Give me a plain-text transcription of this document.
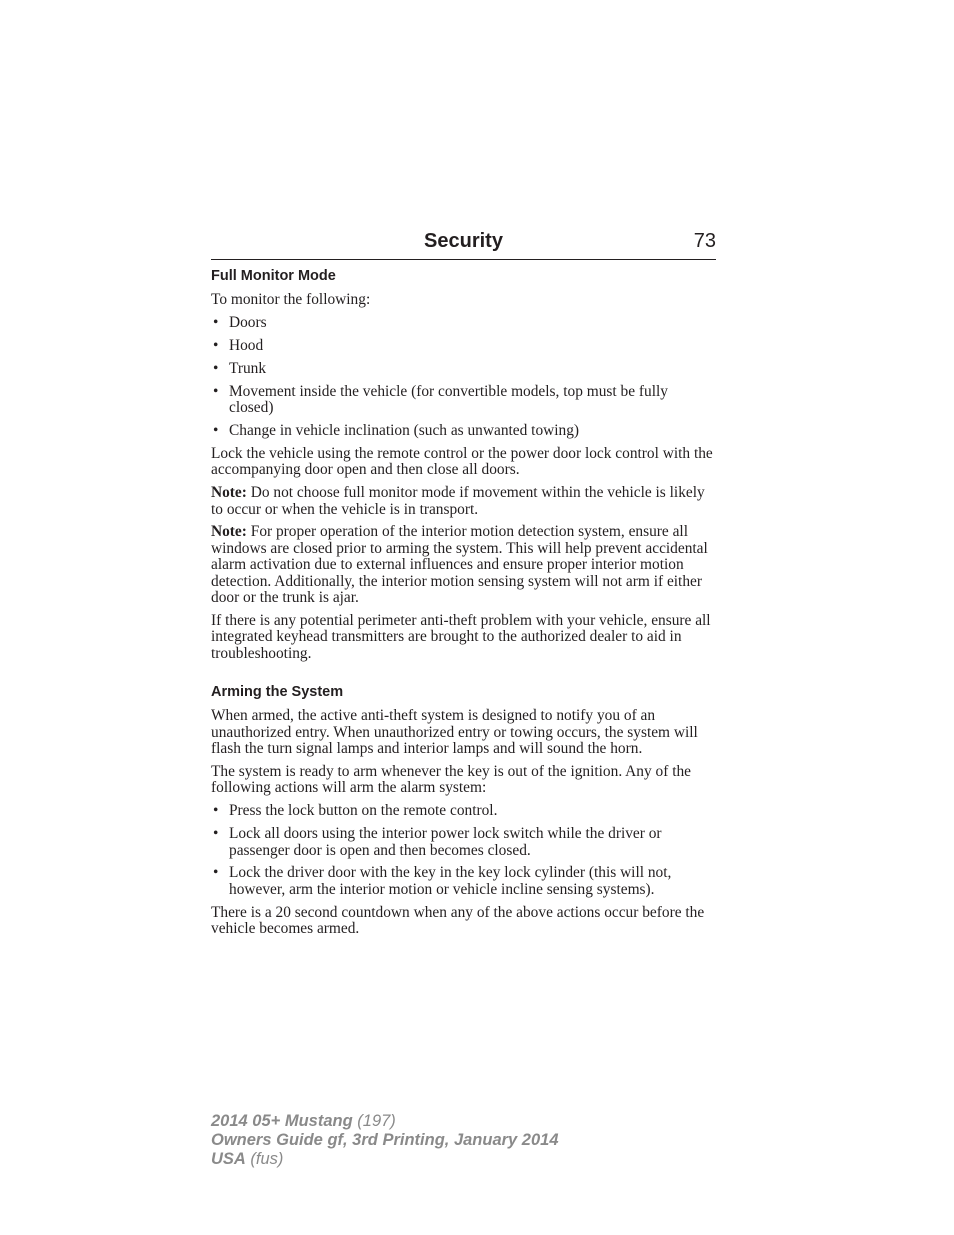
Security	73
Full Monitor Mode

To monitor the following:

• Doors
• Hood
• Trunk
• Movement inside the vehicle (for convertible models, top must be fully closed)
• Change in vehicle inclination (such as unwanted towing)

Lock the vehicle using the remote control or the power door lock control with the accompanying door open and then close all doors.

Note: Do not choose full monitor mode if movement within the vehicle is likely to occur or when the vehicle is in transport.

Note: For proper operation of the interior motion detection system, ensure all windows are closed prior to arming the system. This will help prevent accidental alarm activation due to external influences and ensure proper interior motion detection. Additionally, the interior motion sensing system will not arm if either door or the trunk is ajar.

If there is any potential perimeter anti-theft problem with your vehicle, ensure all integrated keyhead transmitters are brought to the authorized dealer to aid in troubleshooting.

Arming the System

When armed, the active anti-theft system is designed to notify you of an unauthorized entry. When unauthorized entry or towing occurs, the system will flash the turn signal lamps and interior lamps and will sound the horn.

The system is ready to arm whenever the key is out of the ignition. Any of the following actions will arm the alarm system:

• Press the lock button on the remote control.
• Lock all doors using the interior power lock switch while the driver or passenger door is open and then becomes closed.
• Lock the driver door with the key in the key lock cylinder (this will not, however, arm the interior motion or vehicle incline sensing systems).

There is a 20 second countdown when any of the above actions occur before the vehicle becomes armed.

2014 05+ Mustang (197)
Owners Guide gf, 3rd Printing, January 2014
USA (fus)
